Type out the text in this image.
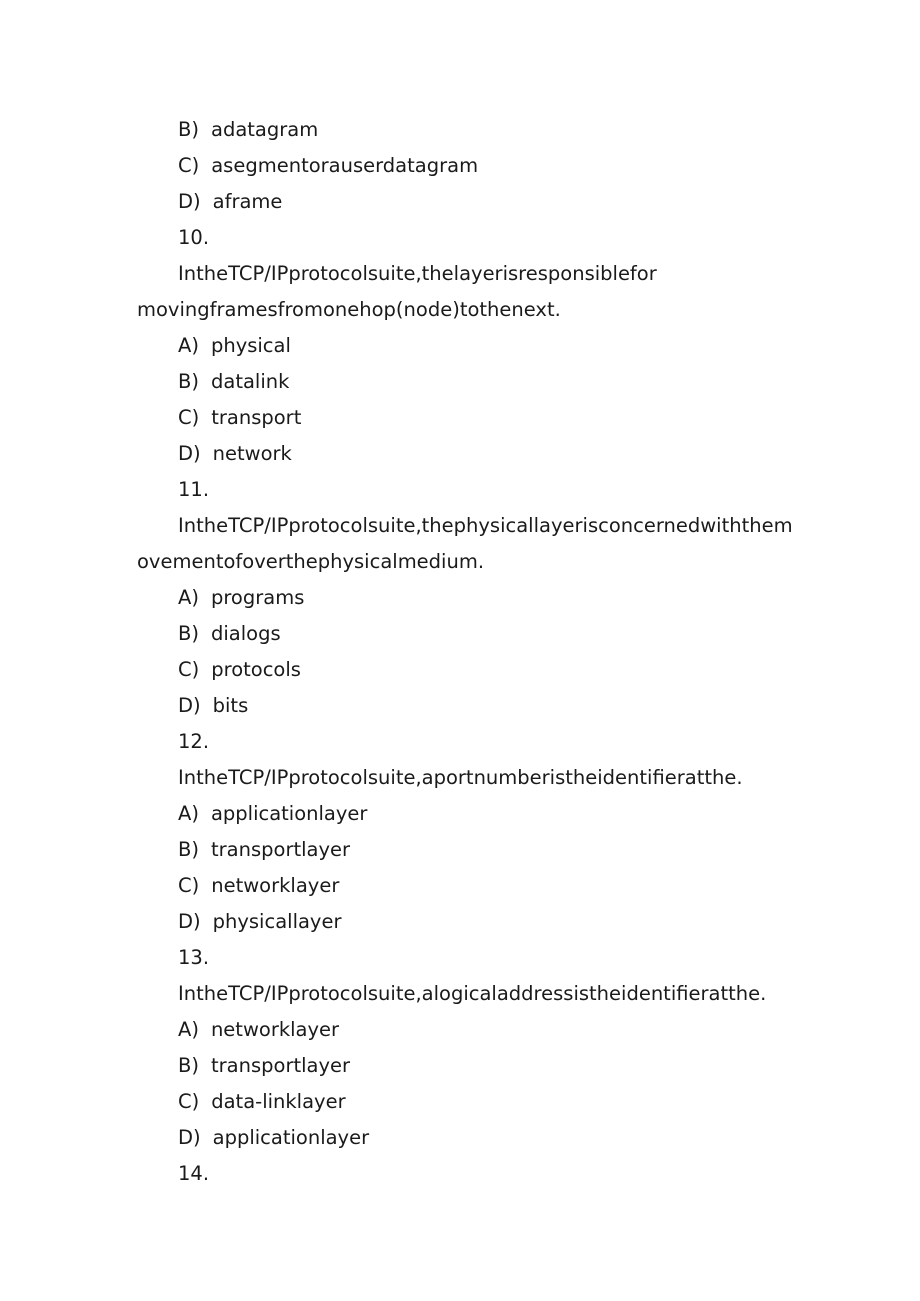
B) adatagram
C) asegmentorauserdatagram
D) aframe
10.
IntheTCP/IPprotocolsuite,thelayerisresponsiblefor
movingframesfromonehop(node)tothenext.
A) physical
B) datalink
C) transport
D) network
11.
IntheTCP/IPprotocolsuite,thephysicallayerisconcernedwiththem
ovementofoverthephysicalmedium.
A) programs
B) dialogs
C) protocols
D) bits
12.
IntheTCP/IPprotocolsuite,aportnumberistheidentifieratthe.
A) applicationlayer
B) transportlayer
C) networklayer
D) physicallayer
13.
IntheTCP/IPprotocolsuite,alogicaladdressistheidentifieratthe.
A) networklayer
B) transportlayer
C) data-linklayer
D) applicationlayer
14.
